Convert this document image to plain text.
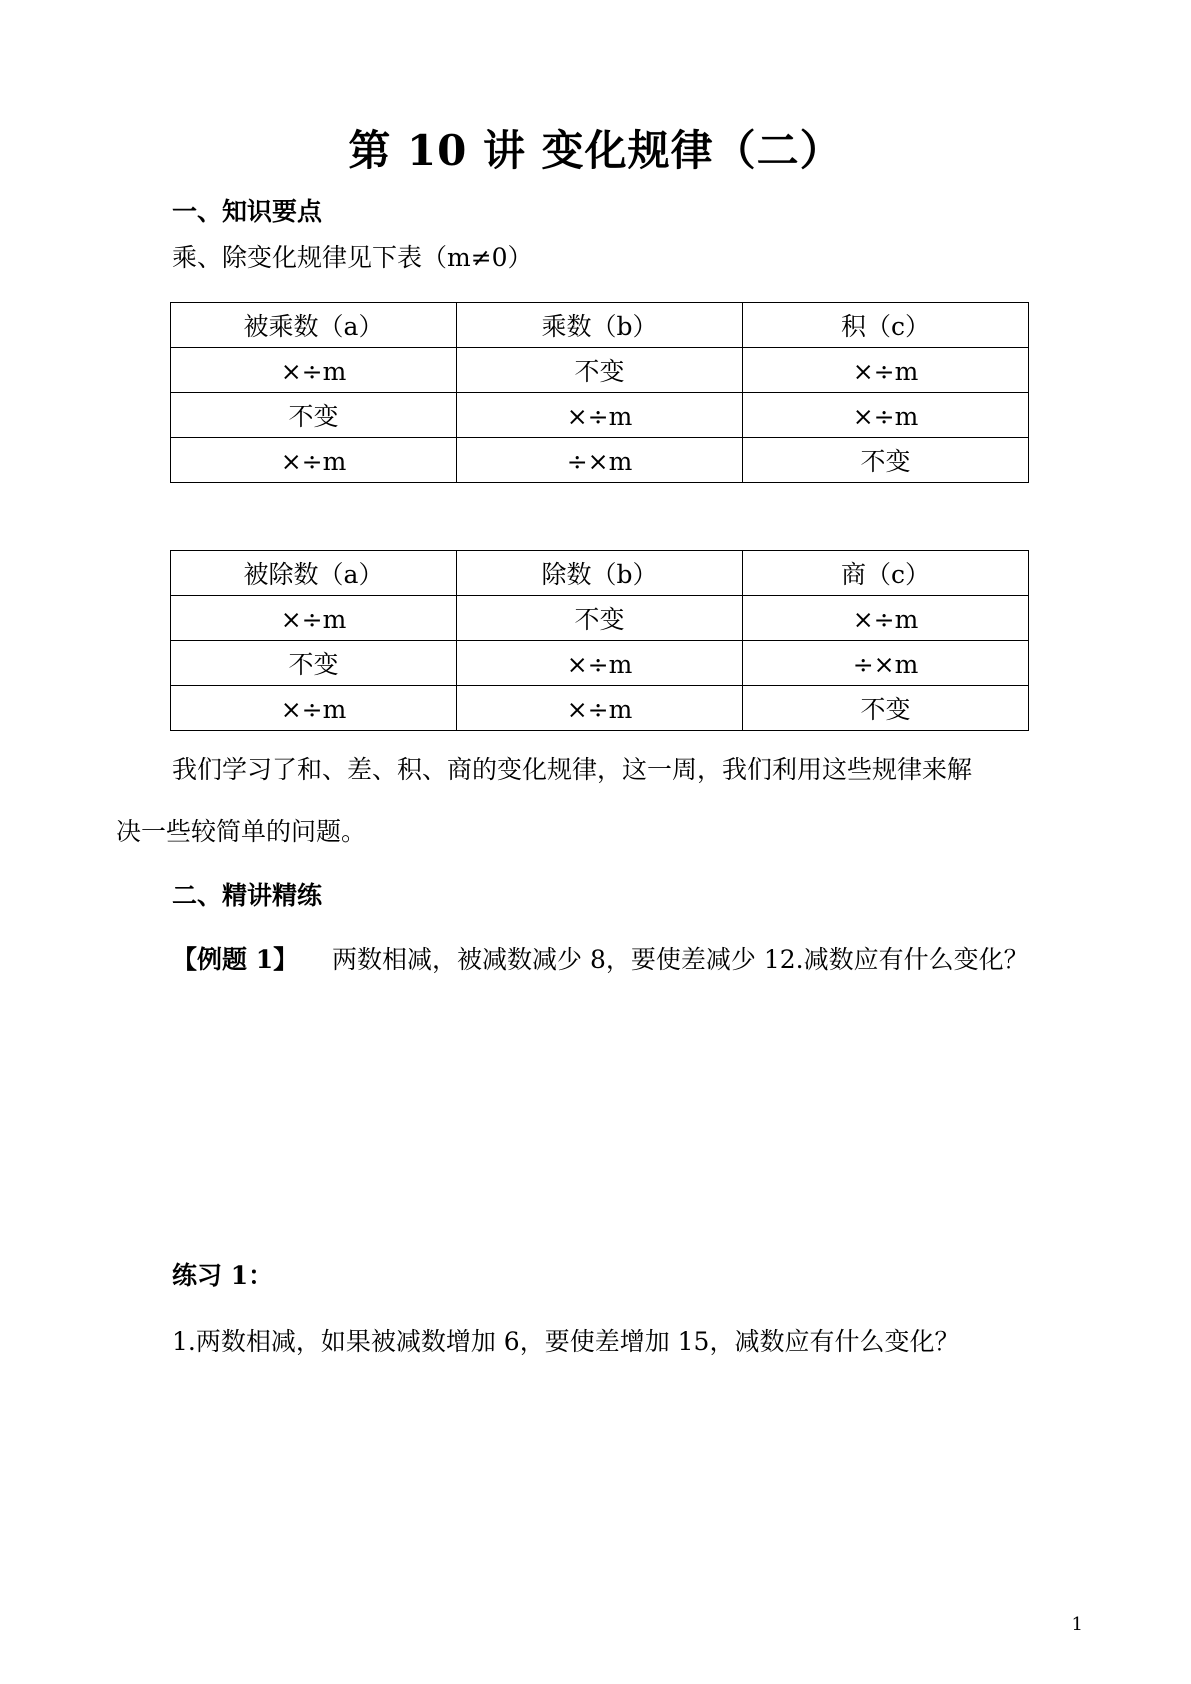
第 10 讲 变化规律（二）
一、知识要点
乘、除变化规律见下表（m≠0）
被乘数（a）	乘数（b）	积（c）
×÷m	不变	×÷m
不变	×÷m	×÷m
×÷m	÷×m	不变
被除数（a）	除数（b）	商（c）
×÷m	不变	×÷m
不变	×÷m	÷×m
×÷m	×÷m	不变
我们学习了和、差、积、商的变化规律，这一周，我们利用这些规律来解
决一些较简单的问题。
二、精讲精练
【例题 1】 两数相减，被减数减少 8，要使差减少 12.减数应有什么变化？
练习 1：
1.两数相减，如果被减数增加 6，要使差增加 15，减数应有什么变化？
1
